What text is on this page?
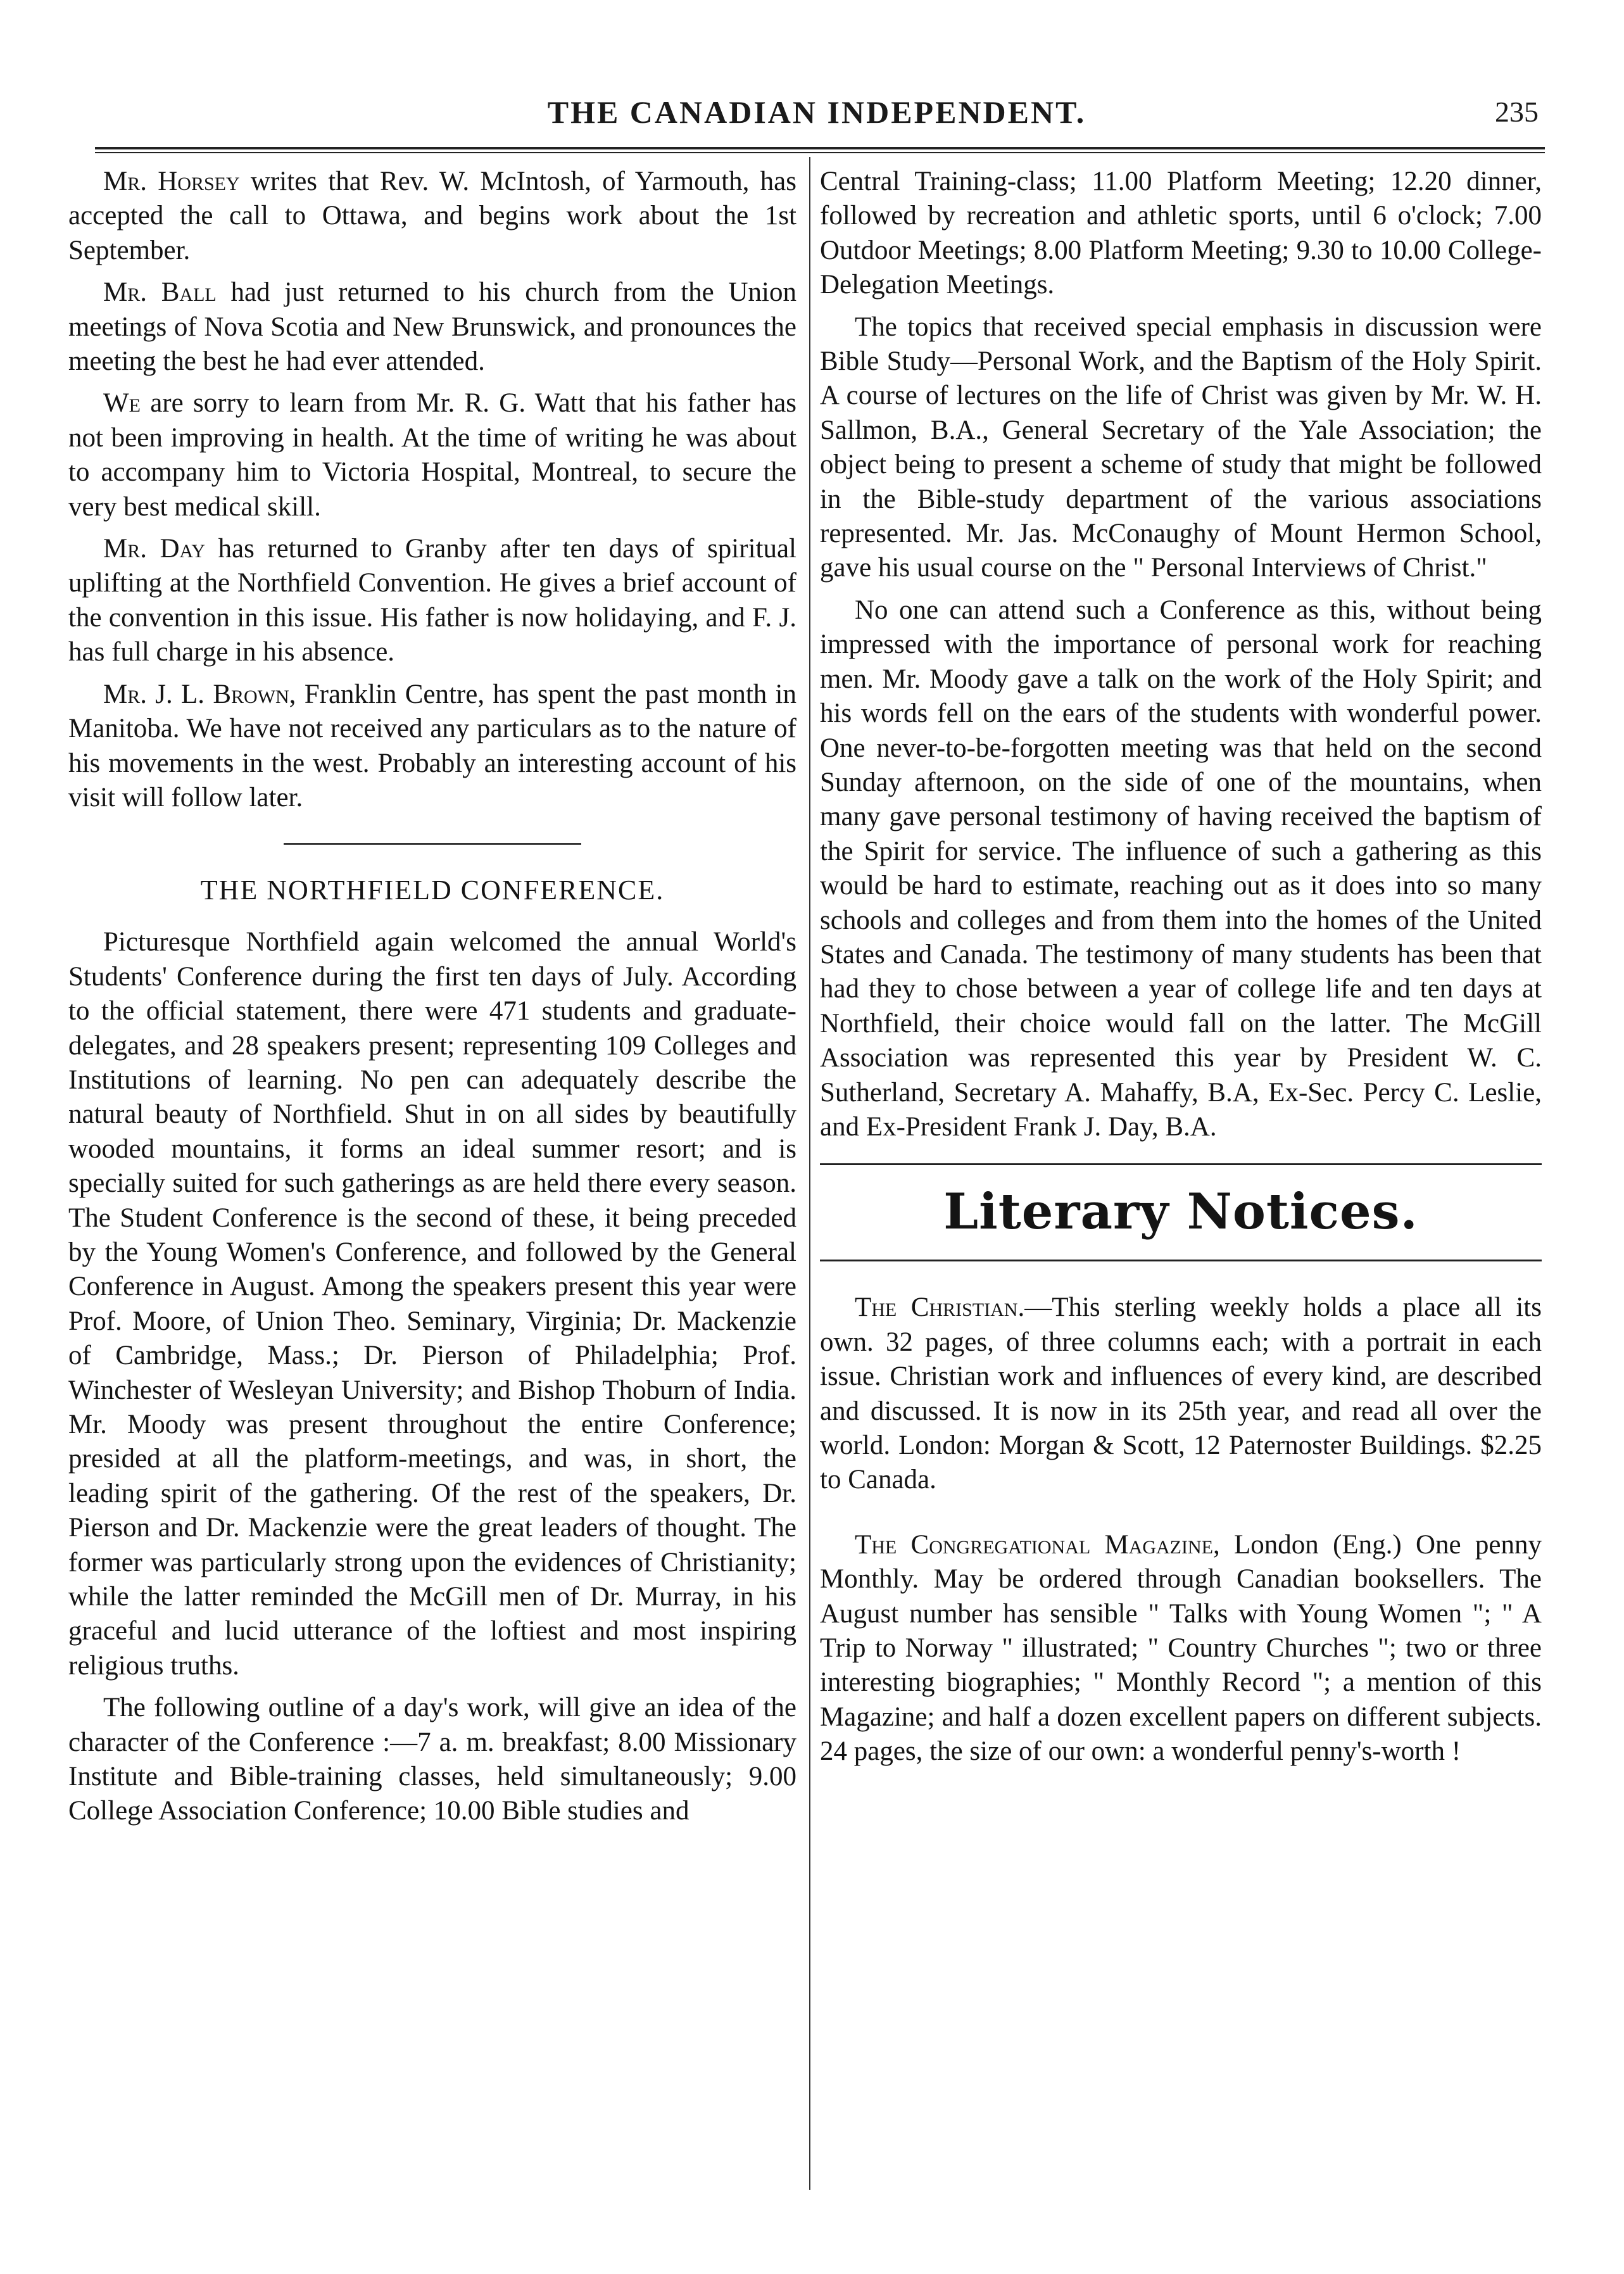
THE CANADIAN INDEPENDENT.	235

Mr. Horsey writes that Rev. W. McIntosh, of Yarmouth, has accepted the call to Ottawa, and begins work about the 1st September.

Mr. Ball had just returned to his church from the Union meetings of Nova Scotia and New Brunswick, and pronounces the meeting the best he had ever attended.

We are sorry to learn from Mr. R. G. Watt that his father has not been improving in health. At the time of writing he was about to accompany him to Victoria Hospital, Montreal, to secure the very best medical skill.

Mr. Day has returned to Granby after ten days of spiritual uplifting at the Northfield Convention. He gives a brief account of the convention in this issue. His father is now holidaying, and F. J. has full charge in his absence.

Mr. J. L. Brown, Franklin Centre, has spent the past month in Manitoba. We have not received any particulars as to the nature of his movements in the west. Probably an interesting account of his visit will follow later.

THE NORTHFIELD CONFERENCE.

Picturesque Northfield again welcomed the annual World's Students' Conference during the first ten days of July. According to the official statement, there were 471 students and graduate-delegates, and 28 speakers present; representing 109 Colleges and Institutions of learning. No pen can adequately describe the natural beauty of Northfield. Shut in on all sides by beautifully wooded mountains, it forms an ideal summer resort; and is specially suited for such gatherings as are held there every season. The Student Conference is the second of these, it being preceded by the Young Women's Conference, and followed by the General Conference in August. Among the speakers present this year were Prof. Moore, of Union Theo. Seminary, Virginia; Dr. Mackenzie of Cambridge, Mass.; Dr. Pierson of Philadelphia; Prof. Winchester of Wesleyan University; and Bishop Thoburn of India. Mr. Moody was present throughout the entire Conference; presided at all the platform-meetings, and was, in short, the leading spirit of the gathering. Of the rest of the speakers, Dr. Pierson and Dr. Mackenzie were the great leaders of thought. The former was particularly strong upon the evidences of Christianity; while the latter reminded the McGill men of Dr. Murray, in his graceful and lucid utterance of the loftiest and most inspiring religious truths.

The following outline of a day's work, will give an idea of the character of the Conference :—7 a. m. breakfast; 8.00 Missionary Institute and Bible-training classes, held simultaneously; 9.00 College Association Conference; 10.00 Bible studies and

Central Training-class; 11.00 Platform Meeting; 12.20 dinner, followed by recreation and athletic sports, until 6 o'clock; 7.00 Outdoor Meetings; 8.00 Platform Meeting; 9.30 to 10.00 College-Delegation Meetings.

The topics that received special emphasis in discussion were Bible Study—Personal Work, and the Baptism of the Holy Spirit. A course of lectures on the life of Christ was given by Mr. W. H. Sallmon, B.A., General Secretary of the Yale Association; the object being to present a scheme of study that might be followed in the Bible-study department of the various associations represented. Mr. Jas. McConaughy of Mount Hermon School, gave his usual course on the " Personal Interviews of Christ."

No one can attend such a Conference as this, without being impressed with the importance of personal work for reaching men. Mr. Moody gave a talk on the work of the Holy Spirit; and his words fell on the ears of the students with wonderful power. One never-to-be-forgotten meeting was that held on the second Sunday afternoon, on the side of one of the mountains, when many gave personal testimony of having received the baptism of the Spirit for service. The influence of such a gathering as this would be hard to estimate, reaching out as it does into so many schools and colleges and from them into the homes of the United States and Canada. The testimony of many students has been that had they to chose between a year of college life and ten days at Northfield, their choice would fall on the latter. The McGill Association was represented this year by President W. C. Sutherland, Secretary A. Mahaffy, B.A, Ex-Sec. Percy C. Leslie, and Ex-President Frank J. Day, B.A.

Literary Notices.

The Christian.—This sterling weekly holds a place all its own. 32 pages, of three columns each; with a portrait in each issue. Christian work and influences of every kind, are described and discussed. It is now in its 25th year, and read all over the world. London: Morgan & Scott, 12 Paternoster Buildings. $2.25 to Canada.

The Congregational Magazine, London (Eng.) One penny Monthly. May be ordered through Canadian booksellers. The August number has sensible " Talks with Young Women "; " A Trip to Norway " illustrated; " Country Churches "; two or three interesting biographies; " Monthly Record "; a mention of this Magazine; and half a dozen excellent papers on different subjects. 24 pages, the size of our own: a wonderful penny's-worth !
